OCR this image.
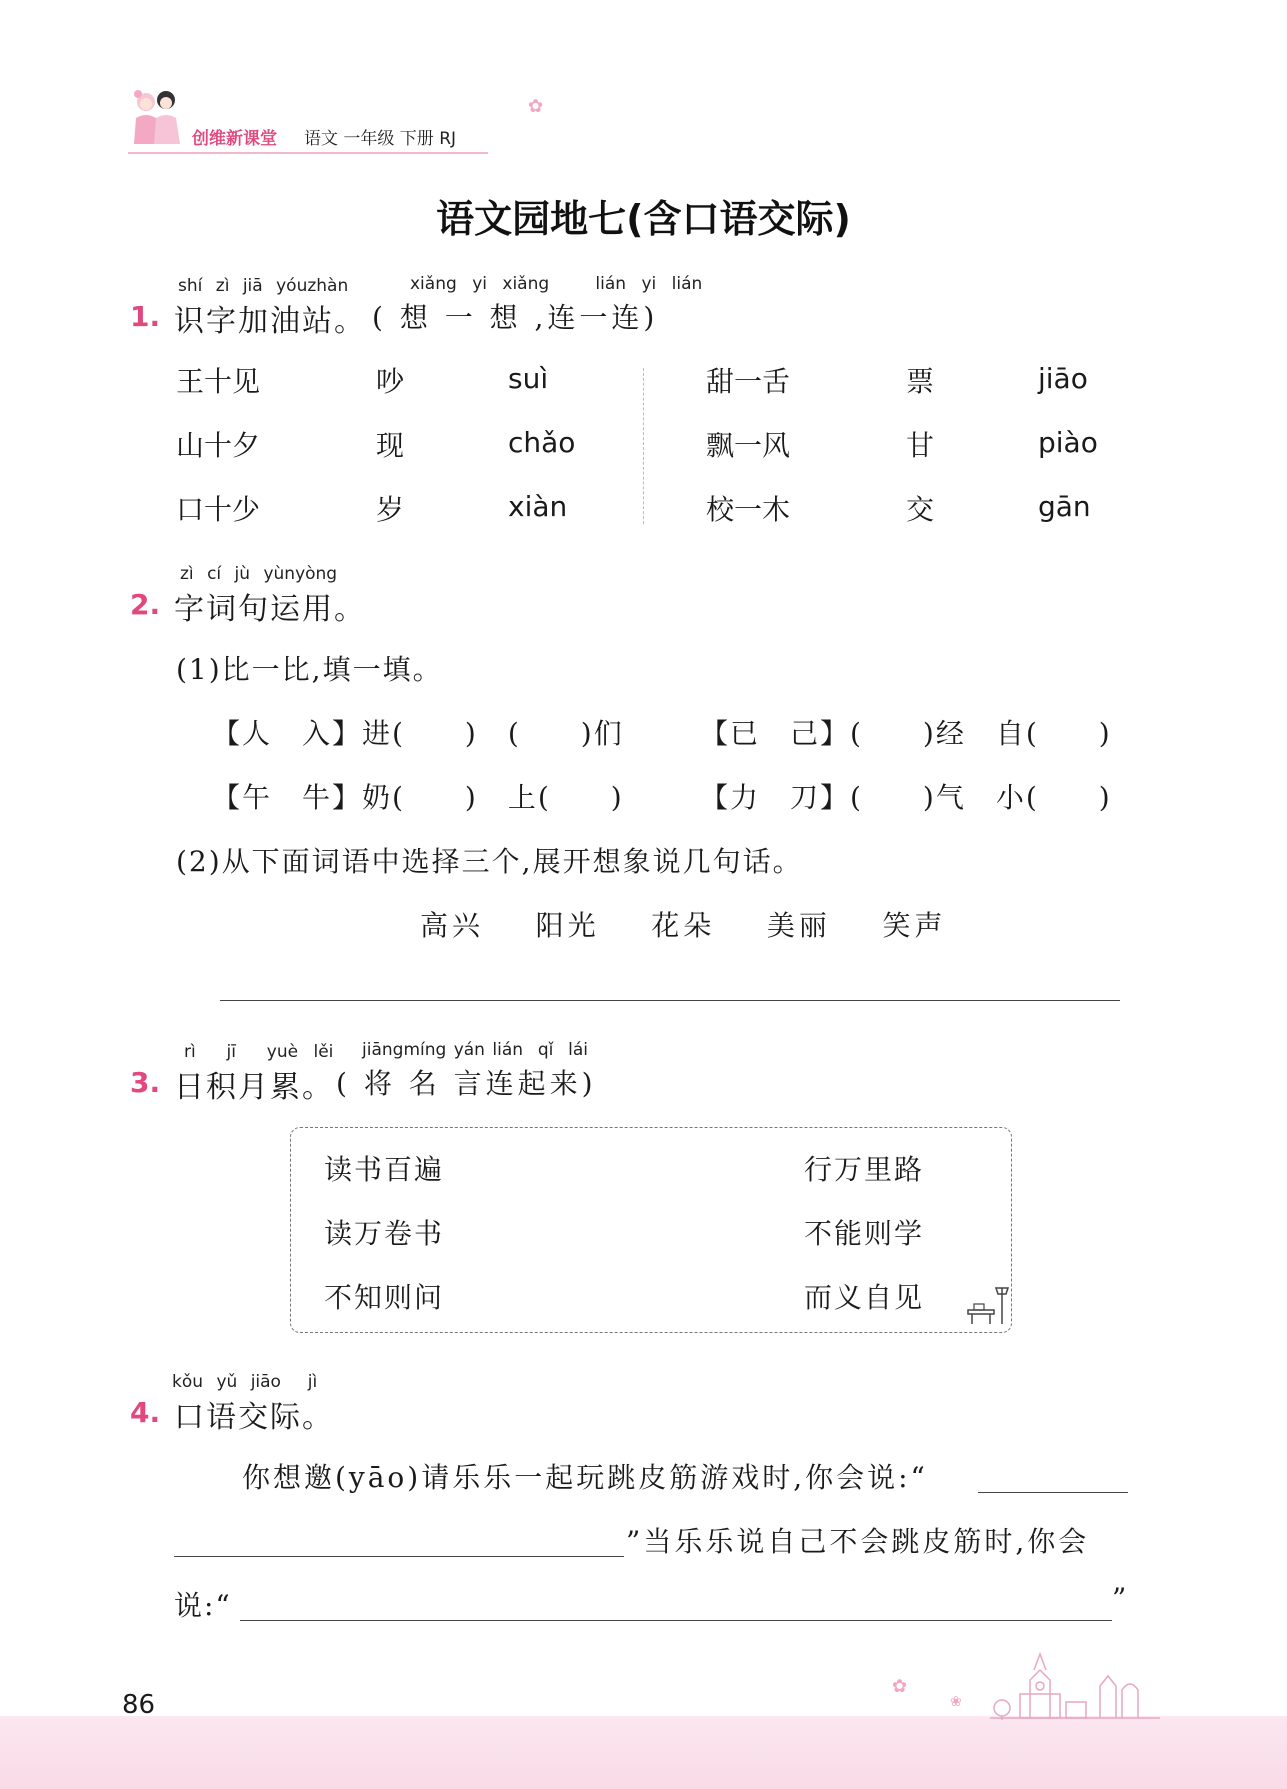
创维新课堂 语文 一年级 下册 RJ
✿
语文园地七(含口语交际)
shí zì jiā yóuzhàn	xiǎng yi xiǎng	lián yi lián
1. 识字加油站。 ( 想 一 想 ,连一连)
王十见	吵	suì
山十夕	现	chǎo
口十少	岁	xiàn
甜一舌	票	jiāo
飘一风	甘	piào
校一木	交	gān
zì cí jù yùnyòng
2. 字词句运用。
(1)比一比,填一填。
【人　入】进(　　)　(　　)们	【已　己】(　　)经　自(　　)
【午　牛】奶(　　)　上(　　)	【力　刀】(　　)气　小(　　)
(2)从下面词语中选择三个,展开想象说几句话。
高兴 阳光 花朵 美丽 笑声
rì jī yuè lěi jiāngmíng yán lián qǐ lái
3. 日积月累。 ( 将 名 言连起来)
读书百遍
读万卷书
不知则问
行万里路
不能则学
而义自见
kǒu yǔ jiāo jì
4. 口语交际。
你想邀(yāo)请乐乐一起玩跳皮筋游戏时,你会说:“
”当乐乐说自己不会跳皮筋时,你会
说:“	”
86
✿
❀
